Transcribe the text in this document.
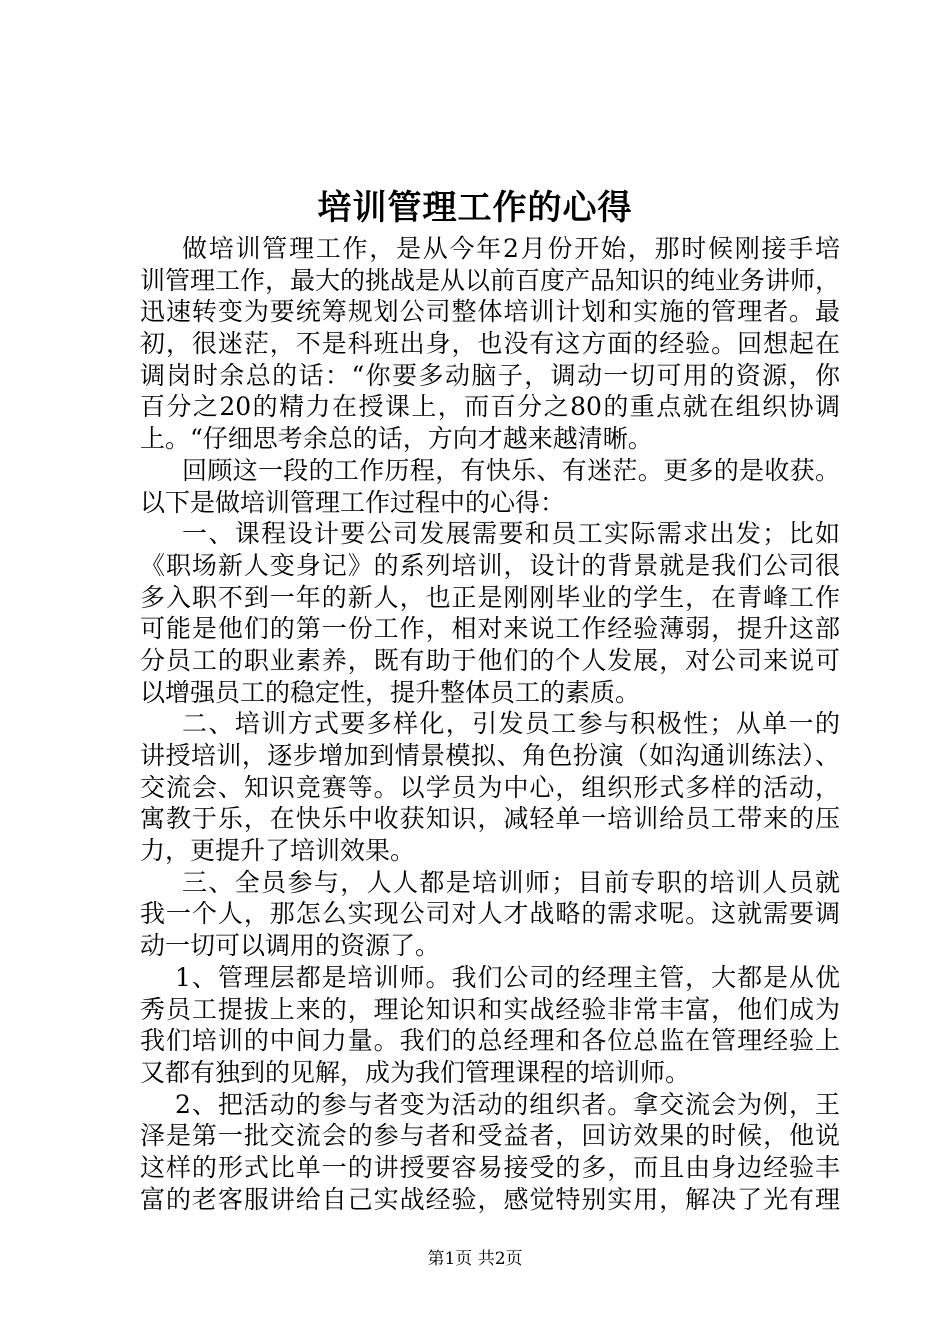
培训管理工作的心得
做培训管理工作，是从今年2月份开始，那时候刚接手培
训管理工作，最大的挑战是从以前百度产品知识的纯业务讲师，
迅速转变为要统筹规划公司整体培训计划和实施的管理者。最
初，很迷茫，不是科班出身，也没有这方面的经验。回想起在
调岗时余总的话：“你要多动脑子，调动一切可用的资源，你
百分之20的精力在授课上，而百分之80的重点就在组织协调
上。“仔细思考余总的话，方向才越来越清晰。
回顾这一段的工作历程，有快乐、有迷茫。更多的是收获。
以下是做培训管理工作过程中的心得：
一、课程设计要公司发展需要和员工实际需求出发；比如
《职场新人变身记》的系列培训，设计的背景就是我们公司很
多入职不到一年的新人，也正是刚刚毕业的学生，在青峰工作
可能是他们的第一份工作，相对来说工作经验薄弱，提升这部
分员工的职业素养，既有助于他们的个人发展，对公司来说可
以增强员工的稳定性，提升整体员工的素质。
二、培训方式要多样化，引发员工参与积极性；从单一的
讲授培训，逐步增加到情景模拟、角色扮演（如沟通训练法）、
交流会、知识竞赛等。以学员为中心，组织形式多样的活动，
寓教于乐，在快乐中收获知识，减轻单一培训给员工带来的压
力，更提升了培训效果。
三、全员参与，人人都是培训师；目前专职的培训人员就
我一个人，那怎么实现公司对人才战略的需求呢。这就需要调
动一切可以调用的资源了。
1、管理层都是培训师。我们公司的经理主管，大都是从优
秀员工提拔上来的，理论知识和实战经验非常丰富，他们成为
我们培训的中间力量。我们的总经理和各位总监在管理经验上
又都有独到的见解，成为我们管理课程的培训师。
2、把活动的参与者变为活动的组织者。拿交流会为例，王
泽是第一批交流会的参与者和受益者，回访效果的时候，他说
这样的形式比单一的讲授要容易接受的多，而且由身边经验丰
富的老客服讲给自己实战经验，感觉特别实用，解决了光有理
第1页 共2页
